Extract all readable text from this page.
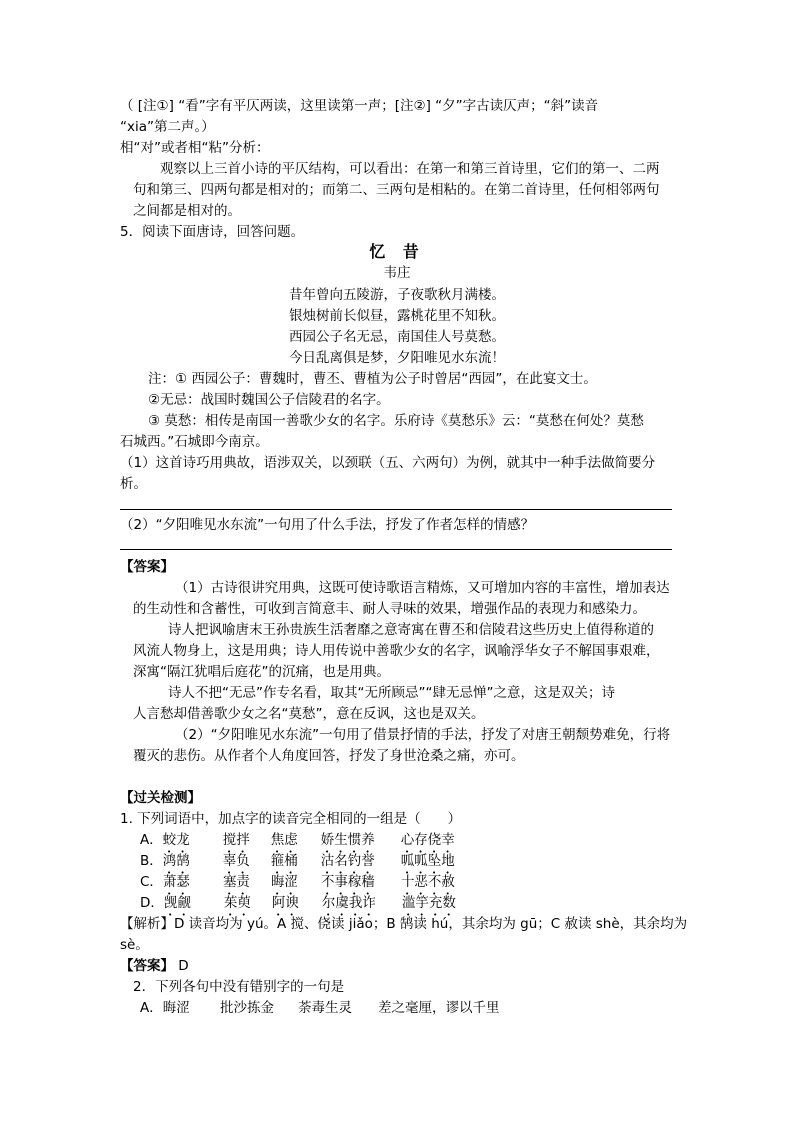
（ [注①] “看”字有平仄两读，这里读第一声；[注②] “夕”字古读仄声；“斜”读音
“xia”第二声。）
相“对”或者相“粘”分析：
观察以上三首小诗的平仄结构，可以看出：在第一和第三首诗里，它们的第一、二两
句和第三、四两句都是相对的；而第二、三两句是相粘的。在第二首诗里，任何相邻两句
之间都是相对的。
5．阅读下面唐诗，回答问题。
忆 昔
韦庄
昔年曾向五陵游，子夜歌秋月满楼。
银烛树前长似昼，露桃花里不知秋。
西园公子名无忌，南国佳人号莫愁。
今日乱离俱是梦，夕阳唯见水东流！
注：① 西园公子：曹魏时，曹丕、曹植为公子时曾居“西园”，在此宴文士。
②无忌：战国时魏国公子信陵君的名字。
③ 莫愁：相传是南国一善歌少女的名字。乐府诗《莫愁乐》云：“莫愁在何处？莫愁
石城西。”石城即今南京。
（1）这首诗巧用典故，语涉双关，以颈联（五、六两句）为例，就其中一种手法做简要分
析。
（2）“夕阳唯见水东流”一句用了什么手法，抒发了作者怎样的情感？
【答案】
（1）古诗很讲究用典，这既可使诗歌语言精炼，又可增加内容的丰富性，增加表达
的生动性和含蓄性，可收到言简意丰、耐人寻味的效果，增强作品的表现力和感染力。
诗人把讽喻唐末王孙贵族生活奢靡之意寄寓在曹丕和信陵君这些历史上值得称道的
风流人物身上，这是用典；诗人用传说中善歌少女的名字，讽喻浮华女子不解国事艰难，
深寓“隔江犹唱后庭花”的沉痛，也是用典。
诗人不把“无忌”作专名看，取其“无所顾忌”“肆无忌惮”之意，这是双关；诗
人言愁却借善歌少女之名“莫愁”，意在反讽，这也是双关。
（2）“夕阳唯见水东流”一句用了借景抒情的手法，抒发了对唐王朝颓势难免，行将
覆灭的悲伤。从作者个人角度回答，抒发了身世沧桑之痛，亦可。
【过关检测】
1. 下列词语中，加点字的读音完全相同的一组是（　　）
A．蛟龙 搅拌 焦虑 娇生惯养 心存侥幸
B．鸿鹄 辜负 箍桶 沽名钓誉 呱呱坠地
C．萧瑟 塞责 晦涩 不事稼穑 十恶不赦
D．觊觎 茱萸 阿谀 尔虞我诈 滥竽充数
【解析】D 读音均为 yú。A 搅、侥读 jiǎo；B 鹄读 hú，其余均为 gū；C 赦读 shè，其余均为
sè。
【答案】 D
2．下列各句中没有错别字的一句是
A．晦涩 批沙拣金 荼毒生灵 差之毫厘，谬以千里
